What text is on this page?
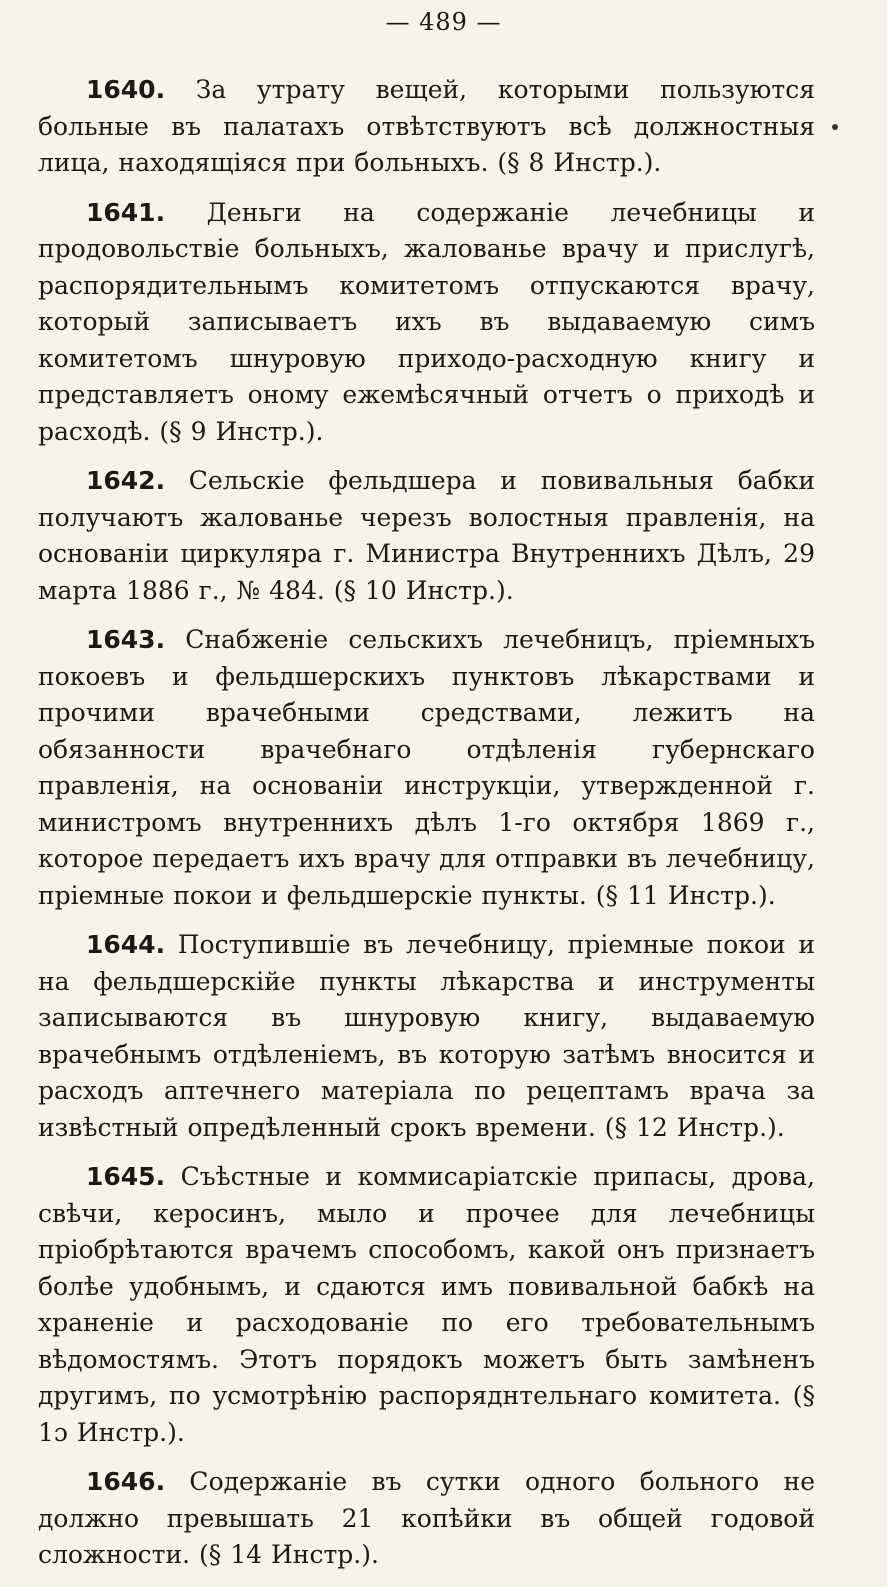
— 489 —

1640. За утрату вещей, которыми пользуются больные въ палатахъ отвѣтствуютъ всѣ должностныя лица, находящіяся при больныхъ. (§ 8 Инстр.).

1641. Деньги на содержаніе лечебницы и продовольствіе больныхъ, жалованье врачу и прислугѣ, распорядительнымъ комитетомъ отпускаются врачу, который записываетъ ихъ въ выдаваемую симъ комитетомъ шнуровую приходо-расходную книгу и представляетъ оному ежемѣсячный отчетъ о приходѣ и расходѣ. (§ 9 Инстр.).

1642. Сельскіе фельдшера и повивальныя бабки получаютъ жалованье черезъ волостныя правленія, на основаніи циркуляра г. Министра Внутреннихъ Дѣлъ, 29 марта 1886 г., № 484. (§ 10 Инстр.).

1643. Снабженіе сельскихъ лечебницъ, пріемныхъ покоевъ и фельдшерскихъ пунктовъ лѣкарствами и прочими врачебными средствами, лежитъ на обязанности врачебнаго отдѣленія губернскаго правленія, на основаніи инструкціи, утвержденной г. министромъ внутреннихъ дѣлъ 1-го октября 1869 г., которое передаетъ ихъ врачу для отправки въ лечебницу, пріемные покои и фельдшерскіе пункты. (§ 11 Инстр.).

1644. Поступившіе въ лечебницу, пріемные покои и на фельдшерскійе пункты лѣкарства и инструменты записываются въ шнуровую книгу, выдаваемую врачебнымъ отдѣленіемъ, въ которую затѣмъ вносится и расходъ аптечнего матеріала по рецептамъ врача за извѣстный опредѣленный срокъ времени. (§ 12 Инстр.).

1645. Съѣстные и коммисаріатскіе припасы, дрова, свѣчи, керосинъ, мыло и прочее для лечебницы пріобрѣтаются врачемъ способомъ, какой онъ признаетъ болѣе удобнымъ, и сдаются имъ повивальной бабкѣ на храненіе и расходованіе по его требовательнымъ вѣдомостямъ. Этотъ порядокъ можетъ быть замѣненъ другимъ, по усмотрѣнію распоряднтельнаго комитета. (§ 1ɔ Инстр.).

1646. Содержаніе въ сутки одного больного не должно превышать 21 копѣйки въ общей годовой сложности. (§ 14 Инстр.).
